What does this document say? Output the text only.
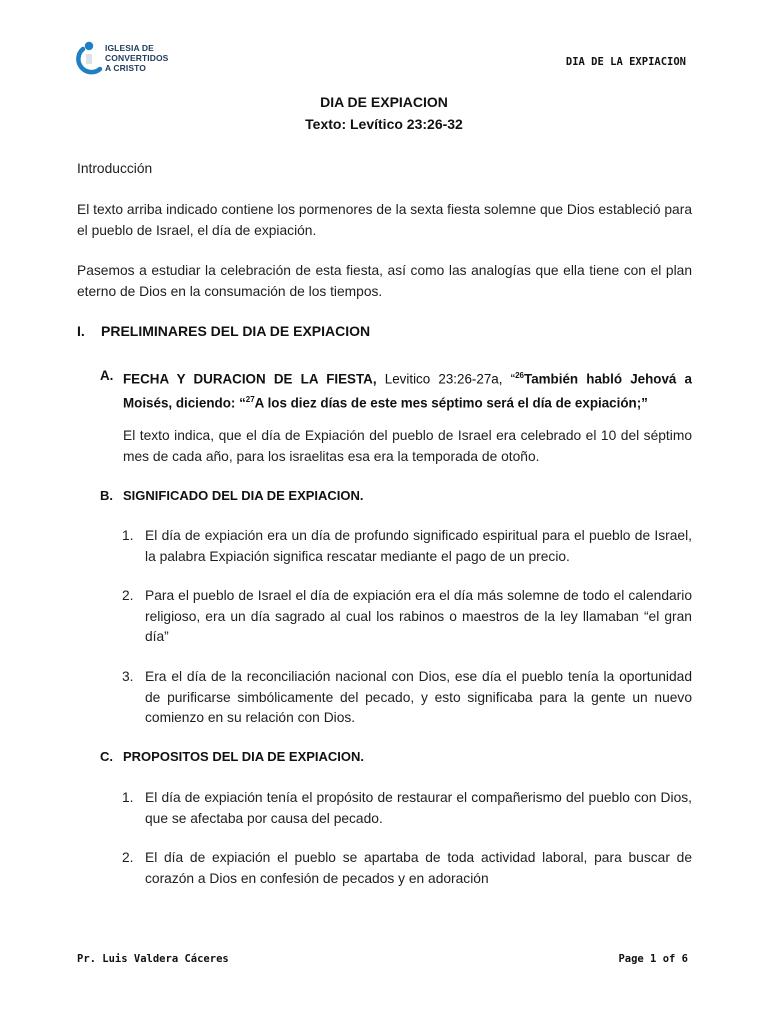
IGLESIA DE
CONVERTIDOS
A CRISTO	DIA DE LA EXPIACION
DIA DE EXPIACION
Texto: Levítico 23:26-32
Introducción
El texto arriba indicado contiene los pormenores de la sexta fiesta solemne que Dios estableció para el pueblo de Israel, el día de expiación.
Pasemos a estudiar la celebración de esta fiesta, así como las analogías que ella tiene con el plan eterno de Dios en la consumación de los tiempos.
I. PRELIMINARES DEL DIA DE EXPIACION
A. FECHA Y DURACION DE LA FIESTA, Levitico 23:26-27a, “$^{26}$También habló Jehová a Moisés, diciendo: “$^{27}$A los diez días de este mes séptimo será el día de expiación;”
El texto indica, que el día de Expiación del pueblo de Israel era celebrado el 10 del séptimo mes de cada año, para los israelitas esa era la temporada de otoño.
B. SIGNIFICADO DEL DIA DE EXPIACION.
1. El día de expiación era un día de profundo significado espiritual para el pueblo de Israel, la palabra Expiación significa rescatar mediante el pago de un precio.
2. Para el pueblo de Israel el día de expiación era el día más solemne de todo el calendario religioso, era un día sagrado al cual los rabinos o maestros de la ley llamaban “el gran día”
3. Era el día de la reconciliación nacional con Dios, ese día el pueblo tenía la oportunidad de purificarse simbólicamente del pecado, y esto significaba para la gente un nuevo comienzo en su relación con Dios.
C. PROPOSITOS DEL DIA DE EXPIACION.
1. El día de expiación tenía el propósito de restaurar el compañerismo del pueblo con Dios, que se afectaba por causa del pecado.
2. El día de expiación el pueblo se apartaba de toda actividad laboral, para buscar de corazón a Dios en confesión de pecados y en adoración
Pr. Luis Valdera Cáceres	Page 1 of 6
